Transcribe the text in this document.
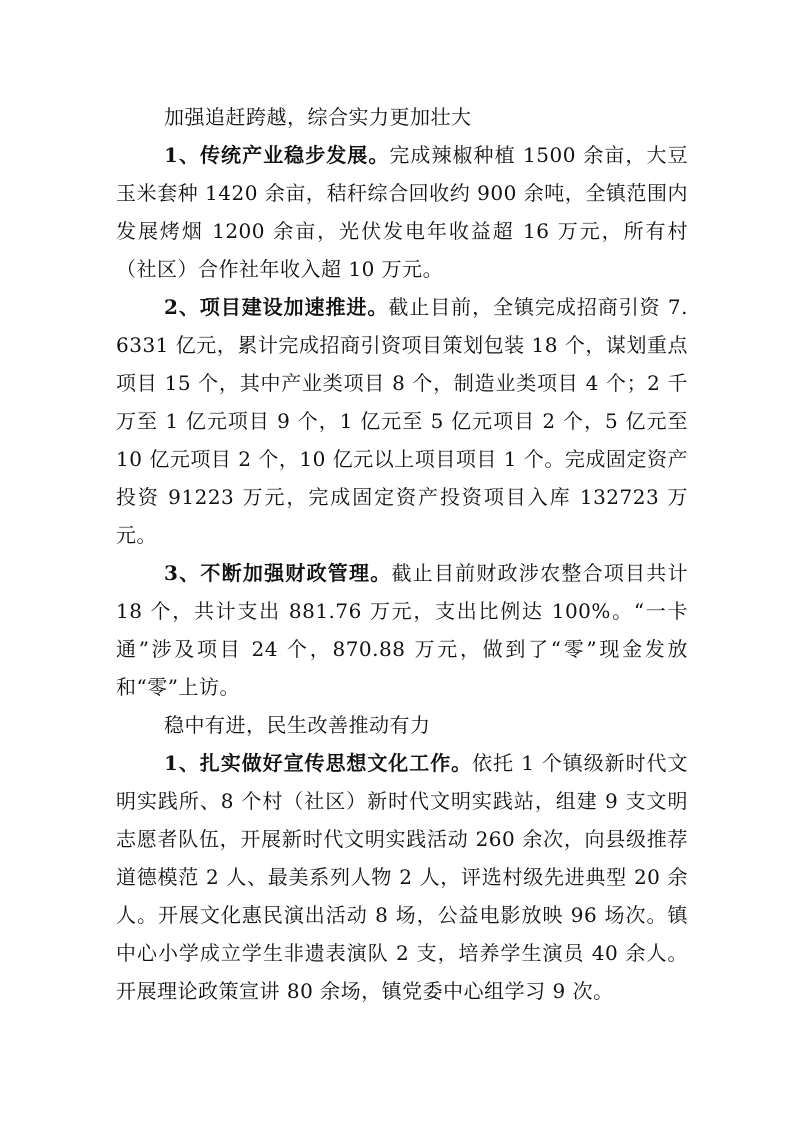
加强追赶跨越，综合实力更加壮大

1、传统产业稳步发展。完成辣椒种植 1500 余亩，大豆玉米套种 1420 余亩，秸秆综合回收约 900 余吨，全镇范围内发展烤烟 1200 余亩，光伏发电年收益超 16 万元，所有村（社区）合作社年收入超 10 万元。

2、项目建设加速推进。截止目前，全镇完成招商引资 7.6331 亿元，累计完成招商引资项目策划包装 18 个，谋划重点项目 15 个，其中产业类项目 8 个，制造业类项目 4 个；2 千万至 1 亿元项目 9 个，1 亿元至 5 亿元项目 2 个，5 亿元至 10 亿元项目 2 个，10 亿元以上项目项目 1 个。完成固定资产投资 91223 万元，完成固定资产投资项目入库 132723 万元。

3、不断加强财政管理。截止目前财政涉农整合项目共计 18 个，共计支出 881.76 万元，支出比例达 100%。“一卡通”涉及项目 24 个，870.88 万元，做到了“零”现金发放和“零”上访。

稳中有进，民生改善推动有力

1、扎实做好宣传思想文化工作。依托 1 个镇级新时代文明实践所、8 个村（社区）新时代文明实践站，组建 9 支文明志愿者队伍，开展新时代文明实践活动 260 余次，向县级推荐道德模范 2 人、最美系列人物 2 人，评选村级先进典型 20 余人。开展文化惠民演出活动 8 场，公益电影放映 96 场次。镇中心小学成立学生非遗表演队 2 支，培养学生演员 40 余人。开展理论政策宣讲 80 余场，镇党委中心组学习 9 次。
